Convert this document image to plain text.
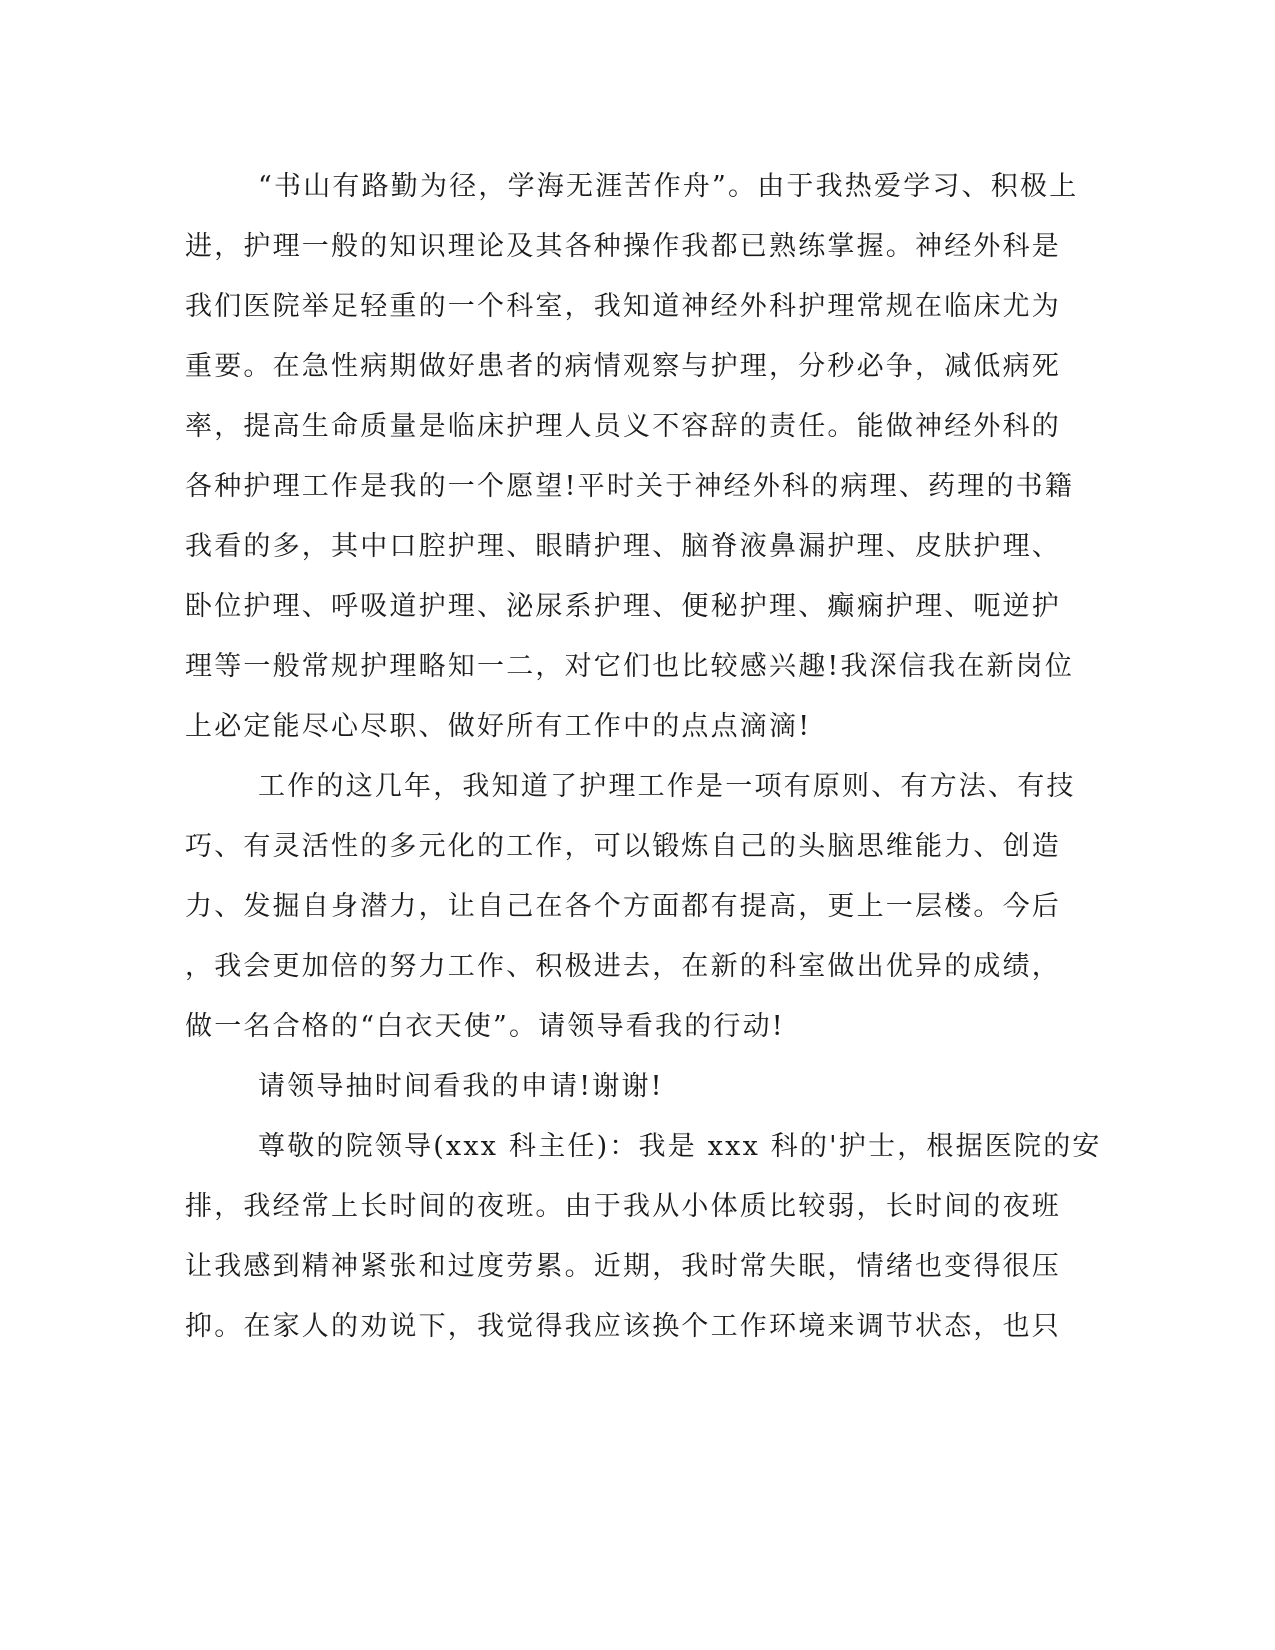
“书山有路勤为径，学海无涯苦作舟”。由于我热爱学习、积极上

进，护理一般的知识理论及其各种操作我都已熟练掌握。神经外科是

我们医院举足轻重的一个科室，我知道神经外科护理常规在临床尤为

重要。在急性病期做好患者的病情观察与护理，分秒必争，减低病死

率，提高生命质量是临床护理人员义不容辞的责任。能做神经外科的

各种护理工作是我的一个愿望!平时关于神经外科的病理、药理的书籍

我看的多，其中口腔护理、眼睛护理、脑脊液鼻漏护理、皮肤护理、

卧位护理、呼吸道护理、泌尿系护理、便秘护理、癫痫护理、呃逆护

理等一般常规护理略知一二，对它们也比较感兴趣!我深信我在新岗位

上必定能尽心尽职、做好所有工作中的点点滴滴!

工作的这几年，我知道了护理工作是一项有原则、有方法、有技

巧、有灵活性的多元化的工作，可以锻炼自己的头脑思维能力、创造

力、发掘自身潜力，让自己在各个方面都有提高，更上一层楼。今后

，我会更加倍的努力工作、积极进去，在新的科室做出优异的成绩，

做一名合格的“白衣天使”。请领导看我的行动!

请领导抽时间看我的申请!谢谢!

尊敬的院领导(xxx 科主任)：我是 xxx 科的'护士，根据医院的安

排，我经常上长时间的夜班。由于我从小体质比较弱，长时间的夜班

让我感到精神紧张和过度劳累。近期，我时常失眠，情绪也变得很压

抑。在家人的劝说下，我觉得我应该换个工作环境来调节状态，也只
